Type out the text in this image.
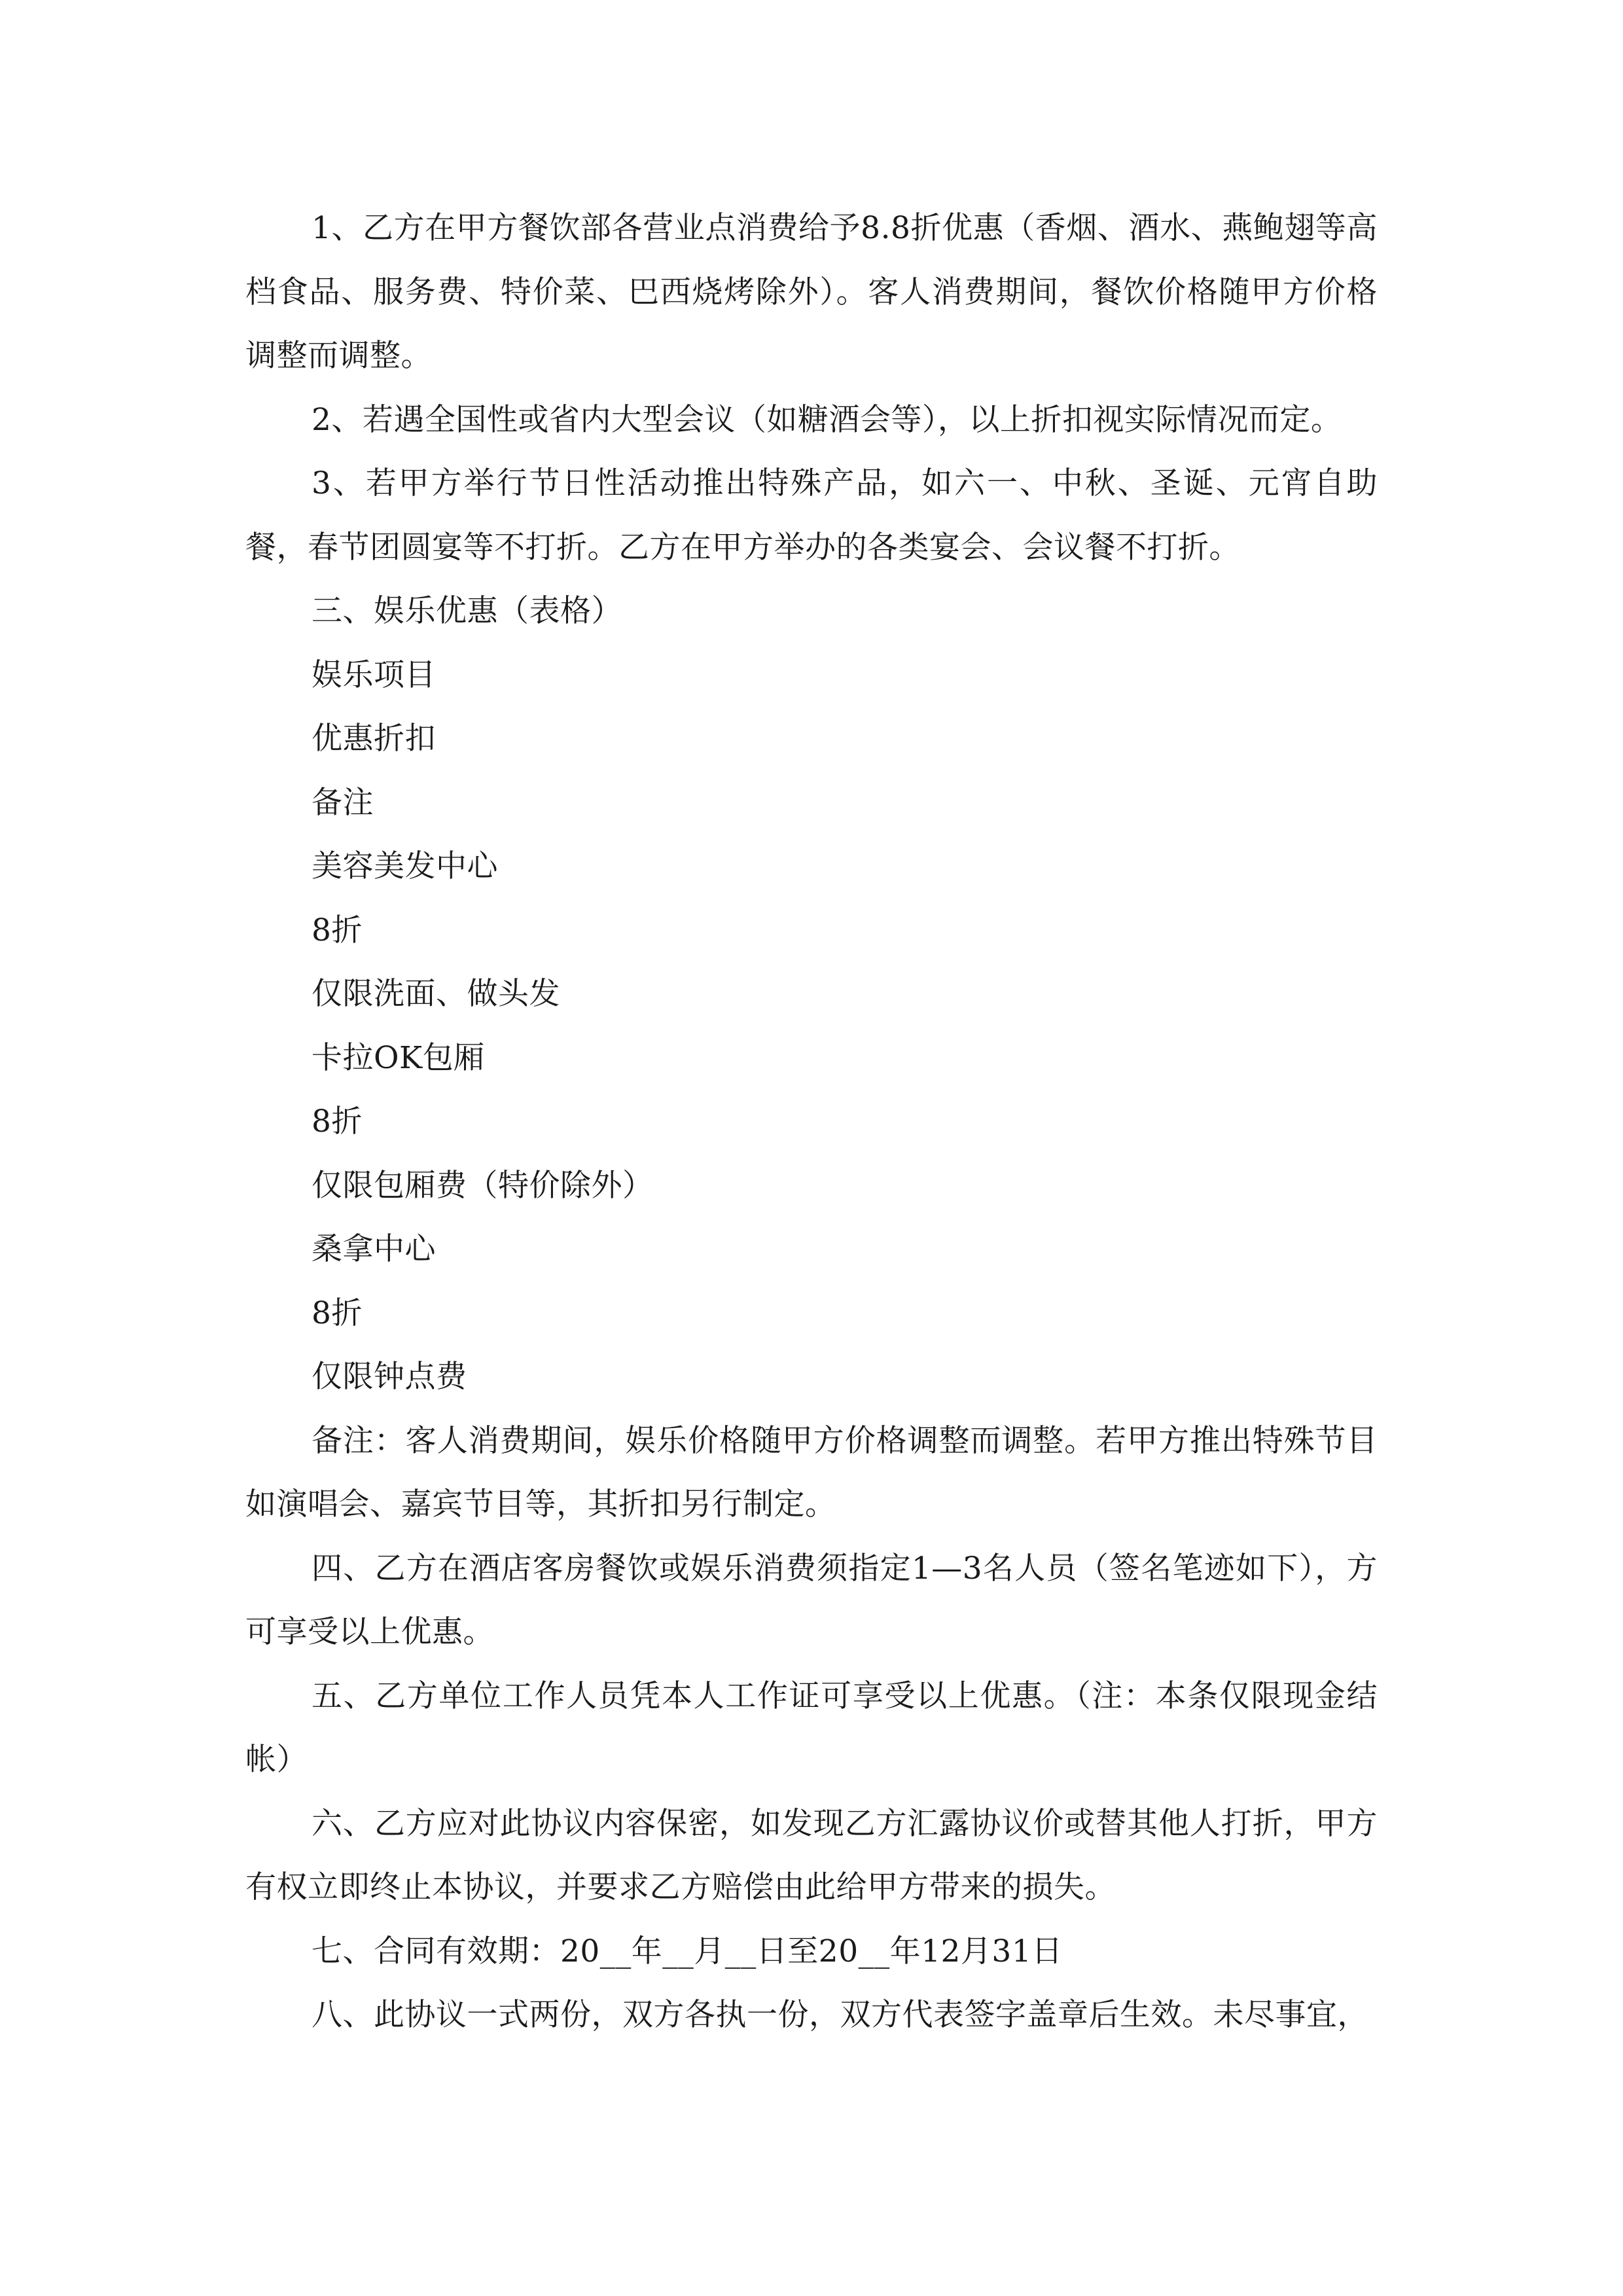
1、乙方在甲方餐饮部各营业点消费给予8.8折优惠（香烟、酒水、燕鲍翅等高档食品、服务费、特价菜、巴西烧烤除外）。客人消费期间，餐饮价格随甲方价格调整而调整。

2、若遇全国性或省内大型会议（如糖酒会等），以上折扣视实际情况而定。

3、若甲方举行节日性活动推出特殊产品，如六一、中秋、圣诞、元宵自助餐，春节团圆宴等不打折。乙方在甲方举办的各类宴会、会议餐不打折。

三、娱乐优惠（表格）

娱乐项目

优惠折扣

备注

美容美发中心

8折

仅限洗面、做头发

卡拉OK包厢

8折

仅限包厢费（特价除外）

桑拿中心

8折

仅限钟点费

备注：客人消费期间，娱乐价格随甲方价格调整而调整。若甲方推出特殊节目如演唱会、嘉宾节目等，其折扣另行制定。

四、乙方在酒店客房餐饮或娱乐消费须指定1—3名人员（签名笔迹如下），方可享受以上优惠。

五、乙方单位工作人员凭本人工作证可享受以上优惠。（注：本条仅限现金结帐）

六、乙方应对此协议内容保密，如发现乙方汇露协议价或替其他人打折，甲方有权立即终止本协议，并要求乙方赔偿由此给甲方带来的损失。

七、合同有效期：20__年__月__日至20__年12月31日

八、此协议一式两份，双方各执一份，双方代表签字盖章后生效。未尽事宜，
